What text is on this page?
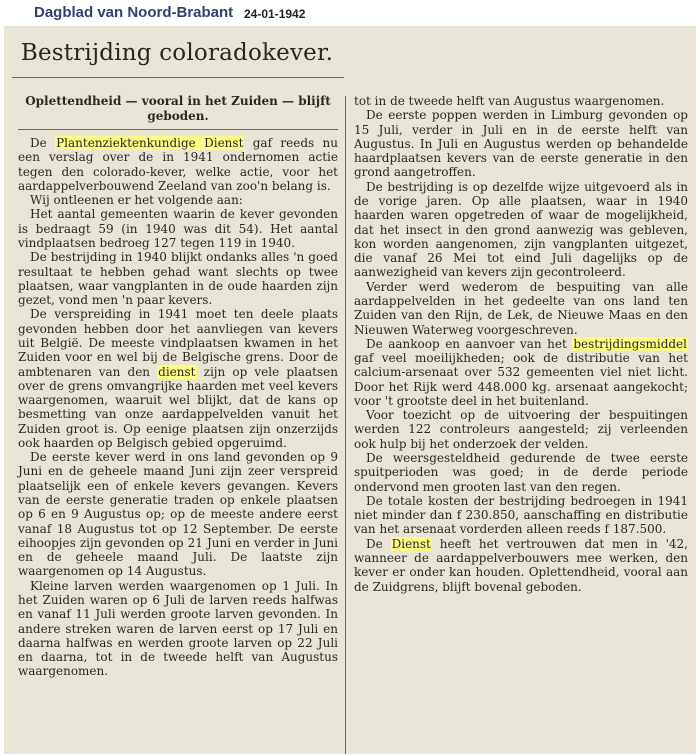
Dagblad van Noord-Brabant 24-01-1942
Bestrijding coloradokever.
Oplettendheid — vooral in het Zuiden — blijft geboden.

De Plantenziektenkundige Dienst gaf reeds nu een verslag over de in 1941 ondernomen actie tegen den colorado-kever, welke actie, voor het aardappelverbouwend Zeeland van zoo'n belang is.

Wij ontleenen er het volgende aan:

Het aantal gemeenten waarin de kever gevonden is bedraagt 59 (in 1940 was dit 54). Het aantal vindplaatsen bedroeg 127 tegen 119 in 1940.

De bestrijding in 1940 blijkt ondanks alles 'n goed resultaat te hebben gehad want slechts op twee plaatsen, waar vangplanten in de oude haarden zijn gezet, vond men 'n paar kevers.

De verspreiding in 1941 moet ten deele plaats gevonden hebben door het aanvliegen van kevers uit België. De meeste vindplaatsen kwamen in het Zuiden voor en wel bij de Belgische grens. Door de ambtenaren van den dienst zijn op vele plaatsen over de grens omvangrijke haarden met veel kevers waargenomen, waaruit wel blijkt, dat de kans op besmetting van onze aardappelvelden vanuit het Zuiden groot is. Op eenige plaatsen zijn onzerzijds ook haarden op Belgisch gebied opgeruimd.

De eerste kever werd in ons land gevonden op 9 Juni en de geheele maand Juni zijn zeer verspreid plaatselijk een of enkele kevers gevangen. Kevers van de eerste generatie traden op enkele plaatsen op 6 en 9 Augustus op; op de meeste andere eerst vanaf 18 Augustus tot op 12 September. De eerste eihoopjes zijn gevonden op 21 Juni en verder in Juni en de geheele maand Juli. De laatste zijn waargenomen op 14 Augustus.

Kleine larven werden waargenomen op 1 Juli. In het Zuiden waren op 6 Juli de larven reeds halfwas en vanaf 11 Juli werden groote larven gevonden. In andere streken waren de larven eerst op 17 Juli en daarna halfwas en werden groote larven op 22 Juli en daarna, tot in de tweede helft van Augustus waargenomen.

tot in de tweede helft van Augustus waargenomen.

De eerste poppen werden in Limburg gevonden op 15 Juli, verder in Juli en in de eerste helft van Augustus. In Juli en Augustus werden op behandelde haardplaatsen kevers van de eerste generatie in den grond aangetroffen.

De bestrijding is op dezelfde wijze uitgevoerd als in de vorige jaren. Op alle plaatsen, waar in 1940 haarden waren opgetreden of waar de mogelijkheid, dat het insect in den grond aanwezig was gebleven, kon worden aangenomen, zijn vangplanten uitgezet, die vanaf 26 Mei tot eind Juli dagelijks op de aanwezigheid van kevers zijn gecontroleerd.

Verder werd wederom de bespuiting van alle aardappelvelden in het gedeelte van ons land ten Zuiden van den Rijn, de Lek, de Nieuwe Maas en den Nieuwen Waterweg voorgeschreven.

De aankoop en aanvoer van het bestrijdingsmiddel gaf veel moeilijkheden; ook de distributie van het calcium-arsenaat over 532 gemeenten viel niet licht. Door het Rijk werd 448.000 kg. arsenaat aangekocht; voor 't grootste deel in het buitenland.

Voor toezicht op de uitvoering der bespuitingen werden 122 controleurs aangesteld; zij verleenden ook hulp bij het onderzoek der velden.

De weersgesteldheid gedurende de twee eerste spuitperioden was goed; in de derde periode ondervond men grooten last van den regen.

De totale kosten der bestrijding bedroegen in 1941 niet minder dan f 230.850, aanschaffing en distributie van het arsenaat vorderden alleen reeds f 187.500.

De Dienst heeft het vertrouwen dat men in '42, wanneer de aardappelverbouwers mee werken, den kever er onder kan houden. Oplettendheid, vooral aan de Zuidgrens, blijft bovenal geboden.
